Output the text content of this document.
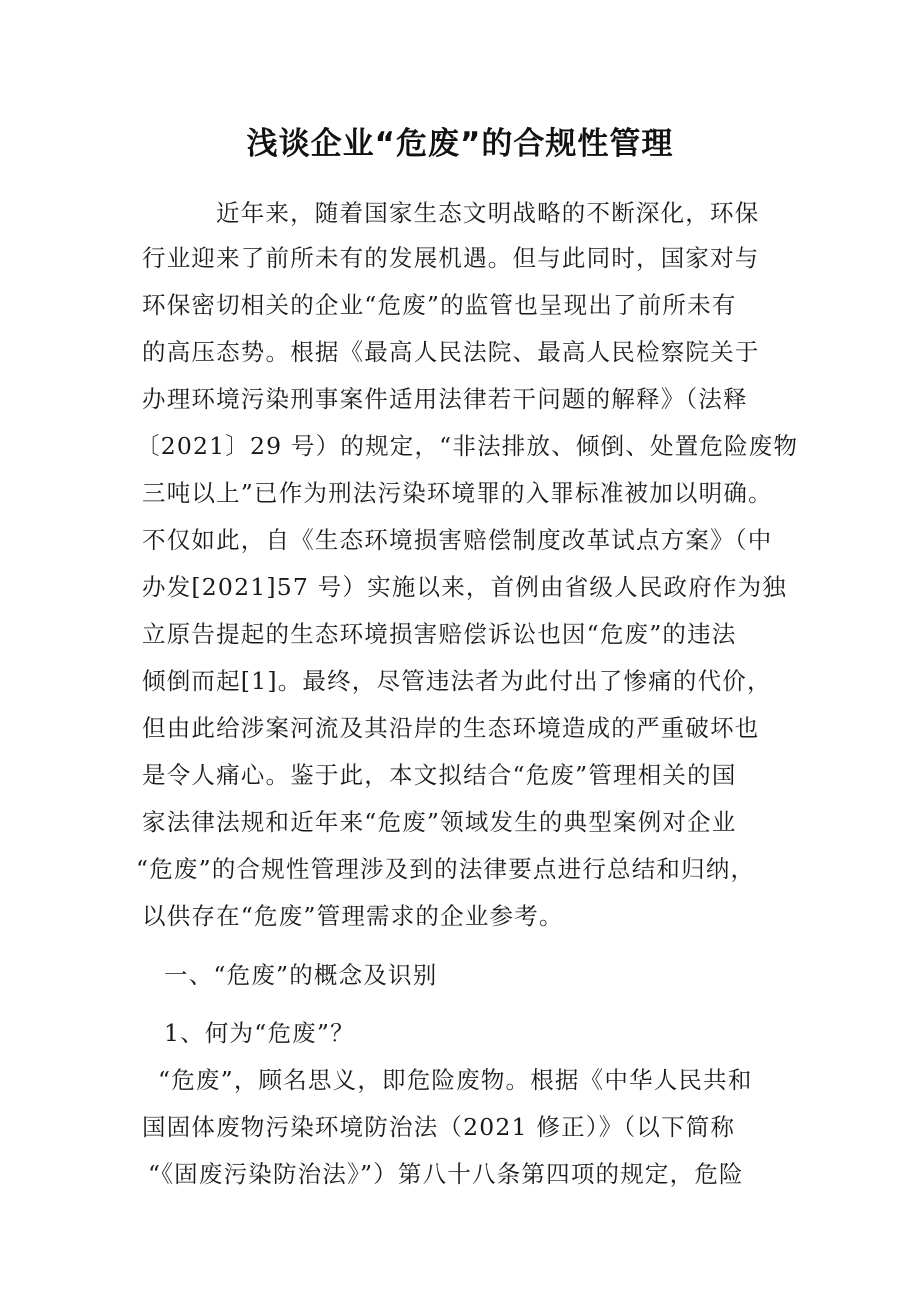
浅谈企业“危废”的合规性管理
近年来，随着国家生态文明战略的不断深化，环保
行业迎来了前所未有的发展机遇。但与此同时，国家对与
环保密切相关的企业“危废”的监管也呈现出了前所未有
的高压态势。根据《最高人民法院、最高人民检察院关于
办理环境污染刑事案件适用法律若干问题的解释》（法释
〔2021〕29 号）的规定，“非法排放、倾倒、处置危险废物
三吨以上”已作为刑法污染环境罪的入罪标准被加以明确。
不仅如此，自《生态环境损害赔偿制度改革试点方案》（中
办发[2021]57 号）实施以来，首例由省级人民政府作为独
立原告提起的生态环境损害赔偿诉讼也因“危废”的违法
倾倒而起[1]。最终，尽管违法者为此付出了惨痛的代价，
但由此给涉案河流及其沿岸的生态环境造成的严重破坏也
是令人痛心。鉴于此，本文拟结合“危废”管理相关的国
家法律法规和近年来“危废”领域发生的典型案例对企业
“危废”的合规性管理涉及到的法律要点进行总结和归纳，
以供存在“危废”管理需求的企业参考。
一、“危废”的概念及识别
1、何为“危废”？
“危废”，顾名思义，即危险废物。根据《中华人民共和
国固体废物污染环境防治法（2021 修正）》（以下简称
“《固废污染防治法》”）第八十八条第四项的规定，危险
